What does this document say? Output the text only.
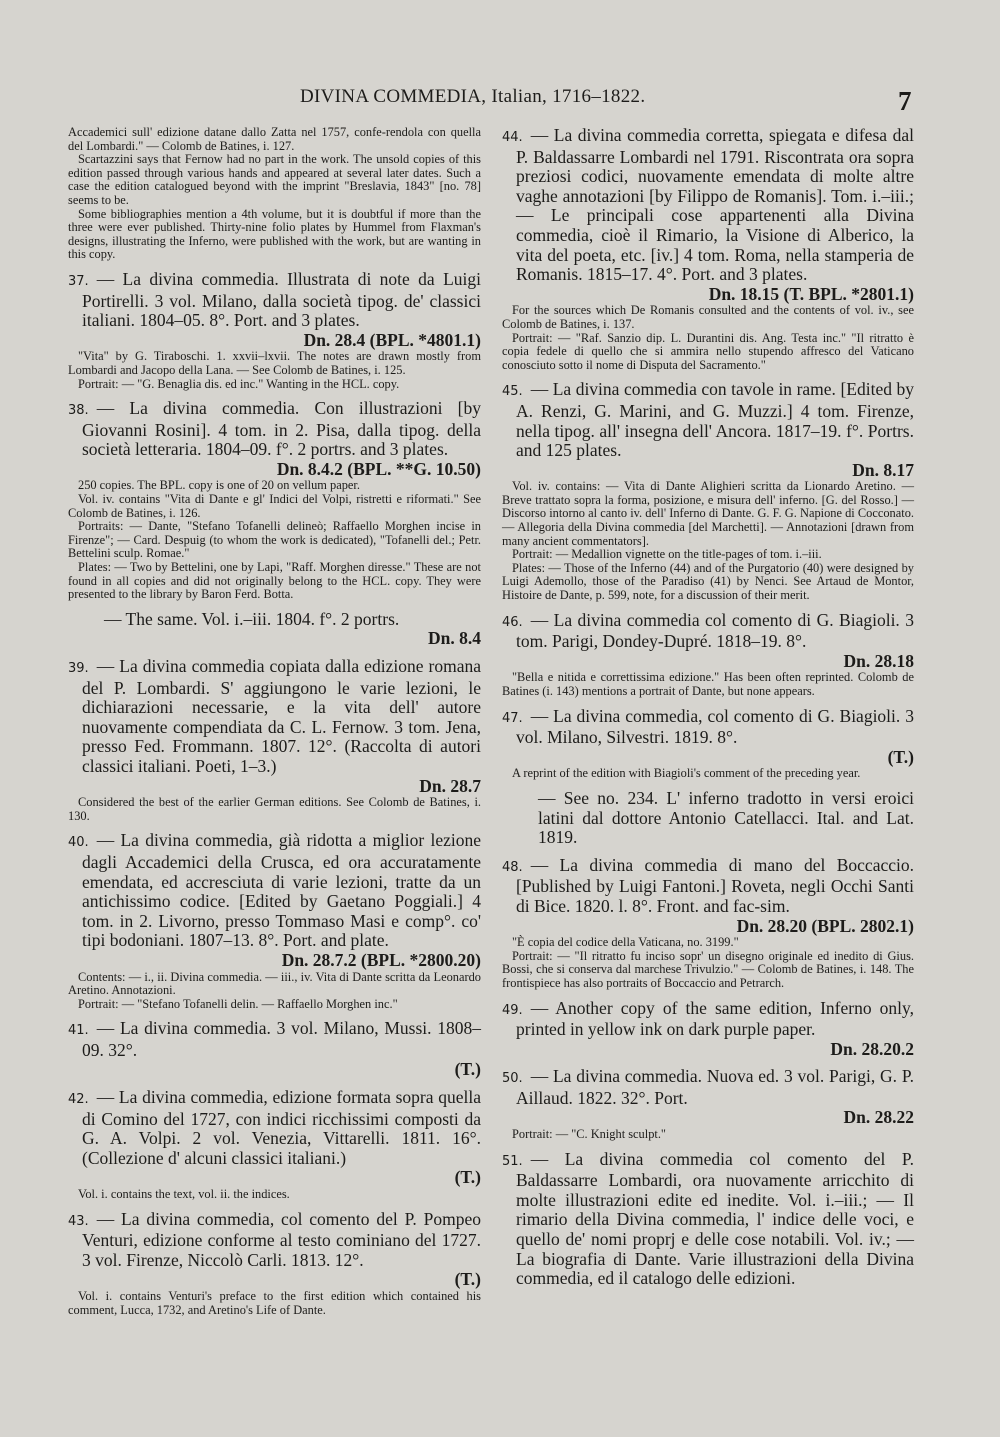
DIVINA COMMEDIA, Italian, 1716–1822.	7

Accademici sull' edizione datane dallo Zatta nel 1757, confe-rendola con quella del Lombardi." — Colomb de Batines, i. 127.

Scartazzini says that Fernow had no part in the work. The unsold copies of this edition passed through various hands and appeared at several later dates. Such a case the edition catalogued beyond with the imprint "Breslavia, 1843" [no. 78] seems to be.

Some bibliographies mention a 4th volume, but it is doubtful if more than the three were ever published. Thirty-nine folio plates by Hummel from Flaxman's designs, illustrating the Inferno, were published with the work, but are wanting in this copy.

37. — La divina commedia. Illustrata di note da Luigi Portirelli. 3 vol. Milano, dalla società tipog. de' classici italiani. 1804–05. 8°. Port. and 3 plates.
Dn. 28.4 (BPL. *4801.1)

"Vita" by G. Tiraboschi. 1. xxvii–lxvii. The notes are drawn mostly from Lombardi and Jacopo della Lana. — See Colomb de Batines, i. 125.

Portrait: — "G. Benaglia dis. ed inc." Wanting in the HCL. copy.

38. — La divina commedia. Con illustrazioni [by Giovanni Rosini]. 4 tom. in 2. Pisa, dalla tipog. della società letteraria. 1804–09. f°. 2 portrs. and 3 plates.
Dn. 8.4.2 (BPL. **G. 10.50)

250 copies. The BPL. copy is one of 20 on vellum paper.

Vol. iv. contains "Vita di Dante e gl' Indici del Volpi, ristretti e riformati." See Colomb de Batines, i. 126.

Portraits: — Dante, "Stefano Tofanelli delineò; Raffaello Morghen incise in Firenze"; — Card. Despuig (to whom the work is dedicated), "Tofanelli del.; Petr. Bettelini sculp. Romae."

Plates: — Two by Bettelini, one by Lapi, "Raff. Morghen diresse." These are not found in all copies and did not originally belong to the HCL. copy. They were presented to the library by Baron Ferd. Botta.

— The same. Vol. i.–iii. 1804. f°. 2 portrs.
Dn. 8.4
39. — La divina commedia copiata dalla edizione romana del P. Lombardi. S' aggiungono le varie lezioni, le dichiarazioni necessarie, e la vita dell' autore nuovamente compendiata da C. L. Fernow. 3 tom. Jena, presso Fed. Frommann. 1807. 12°. (Raccolta di autori classici italiani. Poeti, 1–3.)
Dn. 28.7

Considered the best of the earlier German editions. See Colomb de Batines, i. 130.

40. — La divina commedia, già ridotta a miglior lezione dagli Accademici della Crusca, ed ora accuratamente emendata, ed accresciuta di varie lezioni, tratte da un antichissimo codice. [Edited by Gaetano Poggiali.] 4 tom. in 2. Livorno, presso Tommaso Masi e comp°. co' tipi bodoniani. 1807–13. 8°. Port. and plate.
Dn. 28.7.2 (BPL. *2800.20)

Contents: — i., ii. Divina commedia. — iii., iv. Vita di Dante scritta da Leonardo Aretino. Annotazioni.

Portrait: — "Stefano Tofanelli delin. — Raffaello Morghen inc."

41. — La divina commedia. 3 vol. Milano, Mussi. 1808–09. 32°.
(T.)
42. — La divina commedia, edizione formata sopra quella di Comino del 1727, con indici ricchissimi composti da G. A. Volpi. 2 vol. Venezia, Vittarelli. 1811. 16°. (Collezione d' alcuni classici italiani.)
(T.)

Vol. i. contains the text, vol. ii. the indices.

43. — La divina commedia, col comento del P. Pompeo Venturi, edizione conforme al testo cominiano del 1727. 3 vol. Firenze, Niccolò Carli. 1813. 12°.
(T.)

Vol. i. contains Venturi's preface to the first edition which contained his comment, Lucca, 1732, and Aretino's Life of Dante.

44. — La divina commedia corretta, spiegata e difesa dal P. Baldassarre Lombardi nel 1791. Riscontrata ora sopra preziosi codici, nuovamente emendata di molte altre vaghe annotazioni [by Filippo de Romanis]. Tom. i.–iii.; — Le principali cose appartenenti alla Divina commedia, cioè il Rimario, la Visione di Alberico, la vita del poeta, etc. [iv.] 4 tom. Roma, nella stamperia de Romanis. 1815–17. 4°. Port. and 3 plates.
Dn. 18.15 (T. BPL. *2801.1)

For the sources which De Romanis consulted and the contents of vol. iv., see Colomb de Batines, i. 137.

Portrait: — "Raf. Sanzio dip. L. Durantini dis. Ang. Testa inc." "Il ritratto è copia fedele di quello che si ammira nello stupendo affresco del Vaticano conosciuto sotto il nome di Disputa del Sacramento."

45. — La divina commedia con tavole in rame. [Edited by A. Renzi, G. Marini, and G. Muzzi.] 4 tom. Firenze, nella tipog. all' insegna dell' Ancora. 1817–19. f°. Portrs. and 125 plates.
Dn. 8.17

Vol. iv. contains: — Vita di Dante Alighieri scritta da Lionardo Aretino. — Breve trattato sopra la forma, posizione, e misura dell' inferno. [G. del Rosso.] — Discorso intorno al canto iv. dell' Inferno di Dante. G. F. G. Napione di Cocconato. — Allegoria della Divina commedia [del Marchetti]. — Annotazioni [drawn from many ancient commentators].

Portrait: — Medallion vignette on the title-pages of tom. i.–iii.

Plates: — Those of the Inferno (44) and of the Purgatorio (40) were designed by Luigi Ademollo, those of the Paradiso (41) by Nenci. See Artaud de Montor, Histoire de Dante, p. 599, note, for a discussion of their merit.

46. — La divina commedia col comento di G. Biagioli. 3 tom. Parigi, Dondey-Dupré. 1818–19. 8°.
Dn. 28.18

"Bella e nitida e correttissima edizione." Has been often reprinted. Colomb de Batines (i. 143) mentions a portrait of Dante, but none appears.

47. — La divina commedia, col comento di G. Biagioli. 3 vol. Milano, Silvestri. 1819. 8°.
(T.)

A reprint of the edition with Biagioli's comment of the preceding year.

— See no. 234. L' inferno tradotto in versi eroici latini dal dottore Antonio Catellacci. Ital. and Lat. 1819.
48. — La divina commedia di mano del Boccaccio. [Published by Luigi Fantoni.] Roveta, negli Occhi Santi di Bice. 1820. l. 8°. Front. and fac-sim.
Dn. 28.20 (BPL. 2802.1)

"È copia del codice della Vaticana, no. 3199."

Portrait: — "Il ritratto fu inciso sopr' un disegno originale ed inedito di Gius. Bossi, che si conserva dal marchese Trivulzio." — Colomb de Batines, i. 148. The frontispiece has also portraits of Boccaccio and Petrarch.

49. — Another copy of the same edition, Inferno only, printed in yellow ink on dark purple paper.
Dn. 28.20.2
50. — La divina commedia. Nuova ed. 3 vol. Parigi, G. P. Aillaud. 1822. 32°. Port.
Dn. 28.22

Portrait: — "C. Knight sculpt."

51. — La divina commedia col comento del P. Baldassarre Lombardi, ora nuovamente arricchito di molte illustrazioni edite ed inedite. Vol. i.–iii.; — Il rimario della Divina commedia, l' indice delle voci, e quello de' nomi proprj e delle cose notabili. Vol. iv.; — La biografia di Dante. Varie illustrazioni della Divina commedia, ed il catalogo delle edizioni.
